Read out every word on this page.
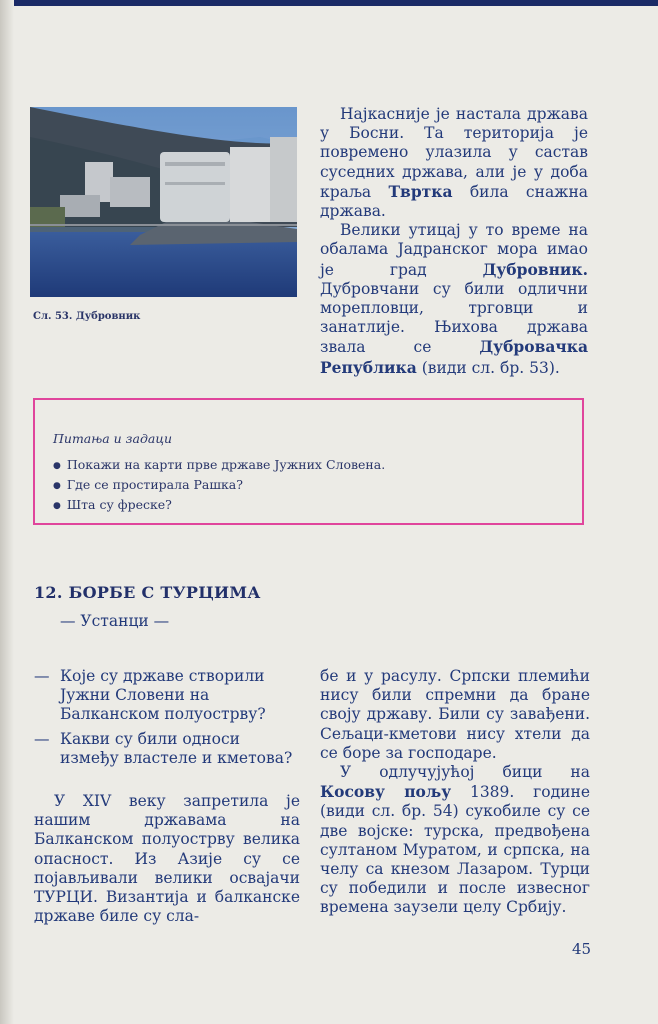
Сл. 53. Дубровник

Најкасније је настала држава у Босни. Та територија је повремено улазила у састав суседних држава, али је у доба краља Твртка била снажна држава.

Велики утицај у то време на обалама Јадранског мора имао је град Дубровник. Дубровчани су били одлични морепловци, трговци и занатлије. Њихова држава звала се Дубровачка Република (види сл. бр. 53).

Питања и задаци
● Покажи на карти прве државе Јужних Словена.
● Где се простирала Рашка?
● Шта су фреске?
12. БОРБЕ С ТУРЦИМА
— Устанци —
— Које су државе створили Јужни Словени на Балканском полуострву?
— Какви су били односи између властеле и кметова?

У XIV веку запретила је нашим државама на Балканском полуострву велика опасност. Из Азије су се појављивали велики освајачи ТУРЦИ. Византија и балканске државе биле су сла-

бе и у расулу. Српски племићи нису били спремни да бране своју државу. Били су завађени. Сељаци-кметови нису хтели да се боре за господаре.

У одлучујућој бици на Косову пољу 1389. године (види сл. бр. 54) сукобиле су се две војске: турска, предвођена султаном Муратом, и српска, на челу са кнезом Лазаром. Турци су победили и после извесног времена заузели целу Србију.

45
